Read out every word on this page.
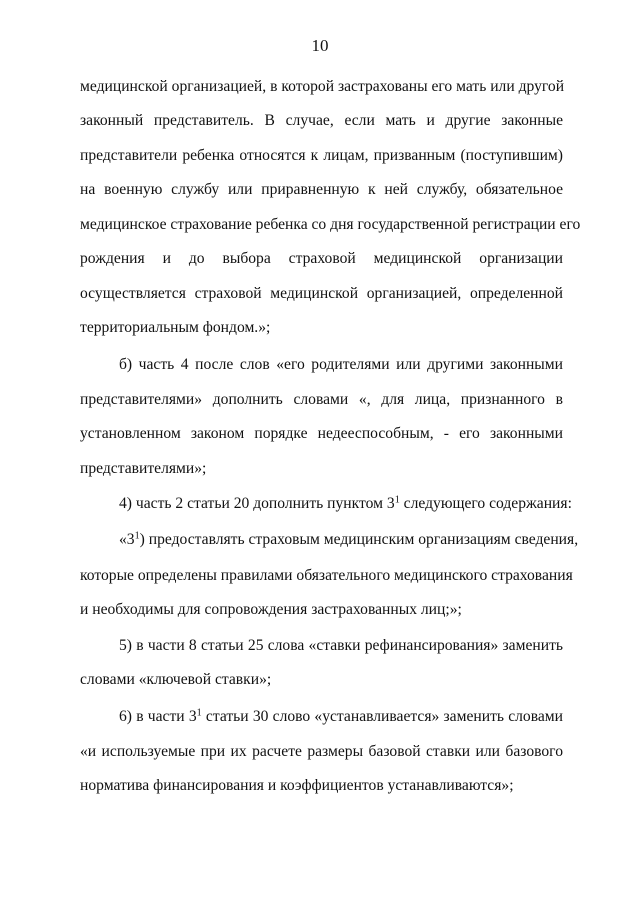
10
медицинской организацией, в которой застрахованы его мать или другой
законный представитель. В случае, если мать и другие законные
представители ребенка относятся к лицам, призванным (поступившим)
на военную службу или приравненную к ней службу, обязательное
медицинское страхование ребенка со дня государственной регистрации его
рождения и до выбора страховой медицинской организации
осуществляется страховой медицинской организацией, определенной
территориальным фондом.»;
б) часть 4 после слов «его родителями или другими законными
представителями» дополнить словами «, для лица, признанного в
установленном законом порядке недееспособным, - его законными
представителями»;
4) часть 2 статьи 20 дополнить пунктом $3^1$ следующего содержания:
«$3^1$) предоставлять страховым медицинским организациям сведения,
которые определены правилами обязательного медицинского страхования
и необходимы для сопровождения застрахованных лиц;»;
5) в части 8 статьи 25 слова «ставки рефинансирования» заменить
словами «ключевой ставки»;
6) в части $3^1$ статьи 30 слово «устанавливается» заменить словами
«и используемые при их расчете размеры базовой ставки или базового
норматива финансирования и коэффициентов устанавливаются»;
